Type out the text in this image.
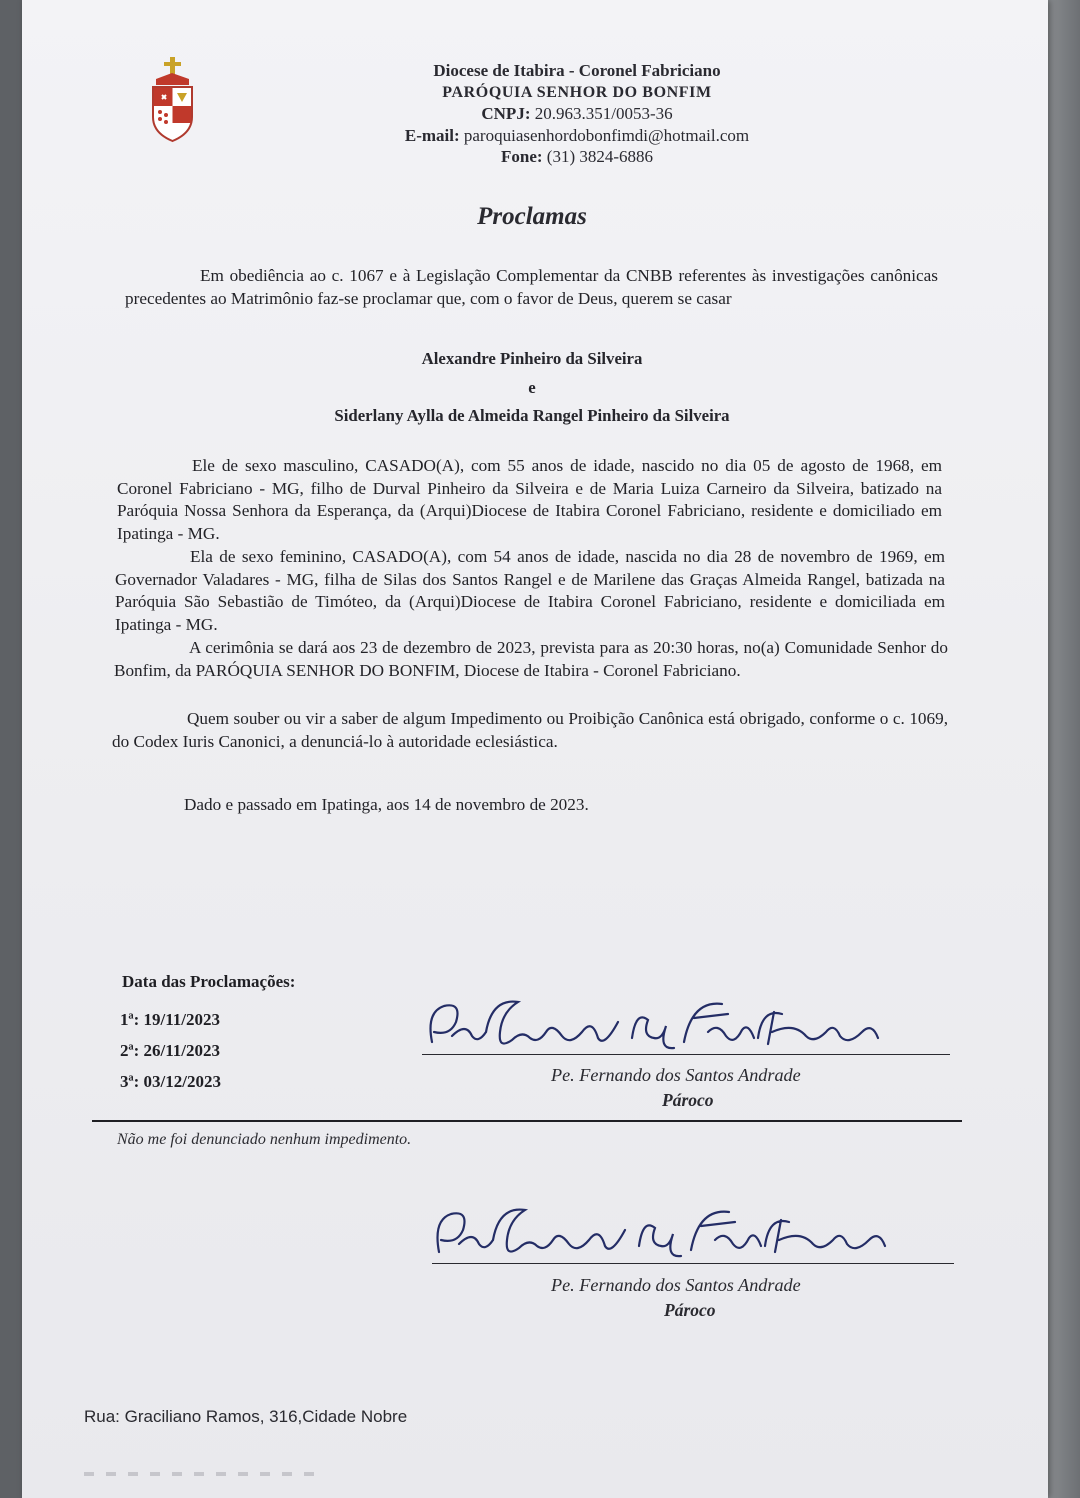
Diocese de Itabira - Coronel Fabriciano
PARÓQUIA SENHOR DO BONFIM
CNPJ: 20.963.351/0053-36
E-mail: paroquiasenhordobonfimdi@hotmail.com
Fone: (31) 3824-6886
Proclamas
Em obediência ao c. 1067 e à Legislação Complementar da CNBB referentes às investigações canônicas precedentes ao Matrimônio faz-se proclamar que, com o favor de Deus, querem se casar
Alexandre Pinheiro da Silveira
e
Siderlany Aylla de Almeida Rangel Pinheiro da Silveira
Ele de sexo masculino, CASADO(A), com 55 anos de idade, nascido no dia 05 de agosto de 1968, em Coronel Fabriciano - MG, filho de Durval Pinheiro da Silveira e de Maria Luiza Carneiro da Silveira, batizado na Paróquia Nossa Senhora da Esperança, da (Arqui)Diocese de Itabira Coronel Fabriciano, residente e domiciliado em Ipatinga - MG.
Ela de sexo feminino, CASADO(A), com 54 anos de idade, nascida no dia 28 de novembro de 1969, em Governador Valadares - MG, filha de Silas dos Santos Rangel e de Marilene das Graças Almeida Rangel, batizada na Paróquia São Sebastião de Timóteo, da (Arqui)Diocese de Itabira Coronel Fabriciano, residente e domiciliada em Ipatinga - MG.
A cerimônia se dará aos 23 de dezembro de 2023, prevista para as 20:30 horas, no(a) Comunidade Senhor do Bonfim, da PARÓQUIA SENHOR DO BONFIM, Diocese de Itabira - Coronel Fabriciano.
Quem souber ou vir a saber de algum Impedimento ou Proibição Canônica está obrigado, conforme o c. 1069, do Codex Iuris Canonici, a denunciá-lo à autoridade eclesiástica.
Dado e passado em Ipatinga, aos 14 de novembro de 2023.
Data das Proclamações:
1ª: 19/11/2023
2ª: 26/11/2023
3ª: 03/12/2023	Pe. Fernando dos Santos Andrade
Pároco
Não me foi denunciado nenhum impedimento.
Pe. Fernando dos Santos Andrade
Pároco
Rua: Graciliano Ramos, 316,Cidade Nobre
